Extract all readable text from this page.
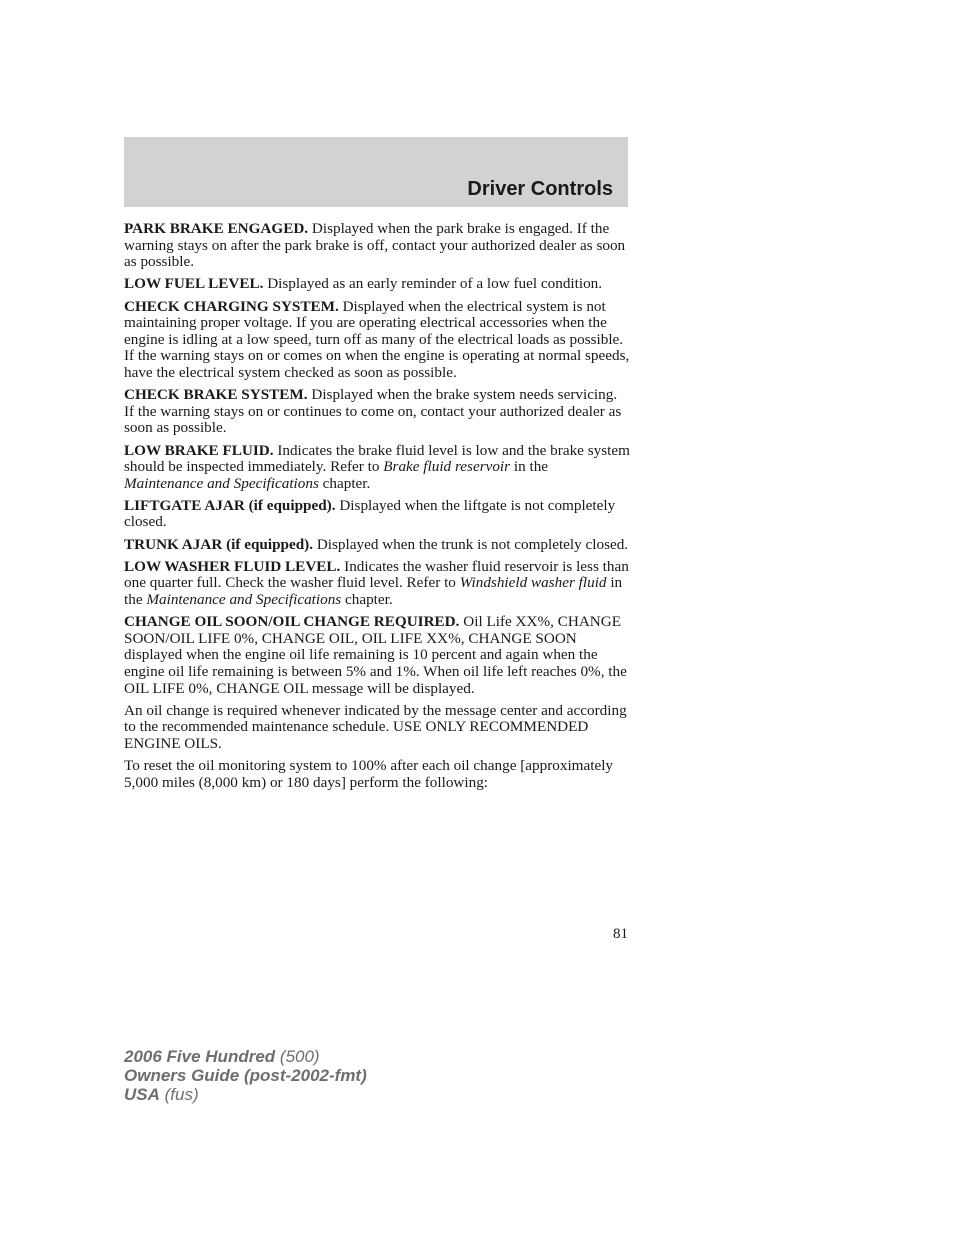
Driver Controls

PARK BRAKE ENGAGED. Displayed when the park brake is engaged. If the warning stays on after the park brake is off, contact your authorized dealer as soon as possible.

LOW FUEL LEVEL. Displayed as an early reminder of a low fuel condition.

CHECK CHARGING SYSTEM. Displayed when the electrical system is not maintaining proper voltage. If you are operating electrical accessories when the engine is idling at a low speed, turn off as many of the electrical loads as possible. If the warning stays on or comes on when the engine is operating at normal speeds, have the electrical system checked as soon as possible.

CHECK BRAKE SYSTEM. Displayed when the brake system needs servicing. If the warning stays on or continues to come on, contact your authorized dealer as soon as possible.

LOW BRAKE FLUID. Indicates the brake fluid level is low and the brake system should be inspected immediately. Refer to Brake fluid reservoir in the Maintenance and Specifications chapter.

LIFTGATE AJAR (if equipped). Displayed when the liftgate is not completely closed.

TRUNK AJAR (if equipped). Displayed when the trunk is not completely closed.

LOW WASHER FLUID LEVEL. Indicates the washer fluid reservoir is less than one quarter full. Check the washer fluid level. Refer to Windshield washer fluid in the Maintenance and Specifications chapter.

CHANGE OIL SOON/OIL CHANGE REQUIRED. Oil Life XX%, CHANGE SOON/OIL LIFE 0%, CHANGE OIL, OIL LIFE XX%, CHANGE SOON displayed when the engine oil life remaining is 10 percent and again when the engine oil life remaining is between 5% and 1%. When oil life left reaches 0%, the OIL LIFE 0%, CHANGE OIL message will be displayed.

An oil change is required whenever indicated by the message center and according to the recommended maintenance schedule. USE ONLY RECOMMENDED ENGINE OILS.

To reset the oil monitoring system to 100% after each oil change [approximately 5,000 miles (8,000 km) or 180 days] perform the following:

81
2006 Five Hundred (500)
Owners Guide (post-2002-fmt)
USA (fus)
